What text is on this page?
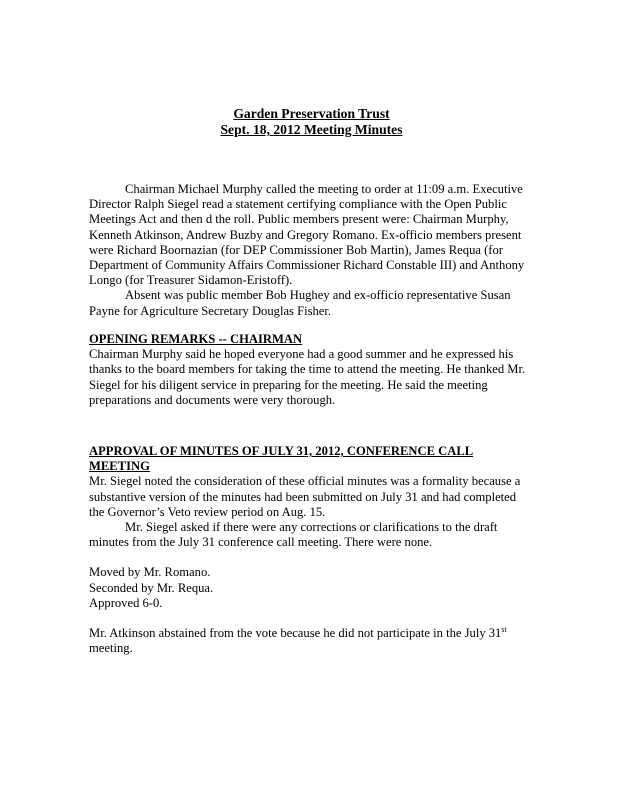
Garden Preservation Trust
Sept. 18, 2012 Meeting Minutes

Chairman Michael Murphy called the meeting to order at 11:09 a.m. Executive Director Ralph Siegel read a statement certifying compliance with the Open Public Meetings Act and then d the roll. Public members present were: Chairman Murphy, Kenneth Atkinson, Andrew Buzby and Gregory Romano. Ex-officio members present were Richard Boornazian (for DEP Commissioner Bob Martin), James Requa (for Department of Community Affairs Commissioner Richard Constable III) and Anthony Longo (for Treasurer Sidamon-Eristoff).

Absent was public member Bob Hughey and ex-officio representative Susan Payne for Agriculture Secretary Douglas Fisher.

OPENING REMARKS -- CHAIRMAN

Chairman Murphy said he hoped everyone had a good summer and he expressed his thanks to the board members for taking the time to attend the meeting. He thanked Mr. Siegel for his diligent service in preparing for the meeting. He said the meeting preparations and documents were very thorough.

APPROVAL OF MINUTES OF JULY 31, 2012, CONFERENCE CALL MEETING

Mr. Siegel noted the consideration of these official minutes was a formality because a substantive version of the minutes had been submitted on July 31 and had completed the Governor’s Veto review period on Aug. 15.

Mr. Siegel asked if there were any corrections or clarifications to the draft minutes from the July 31 conference call meeting. There were none.

Moved by Mr. Romano.

Seconded by Mr. Requa.

Approved 6-0.

Mr. Atkinson abstained from the vote because he did not participate in the July 31st meeting.
